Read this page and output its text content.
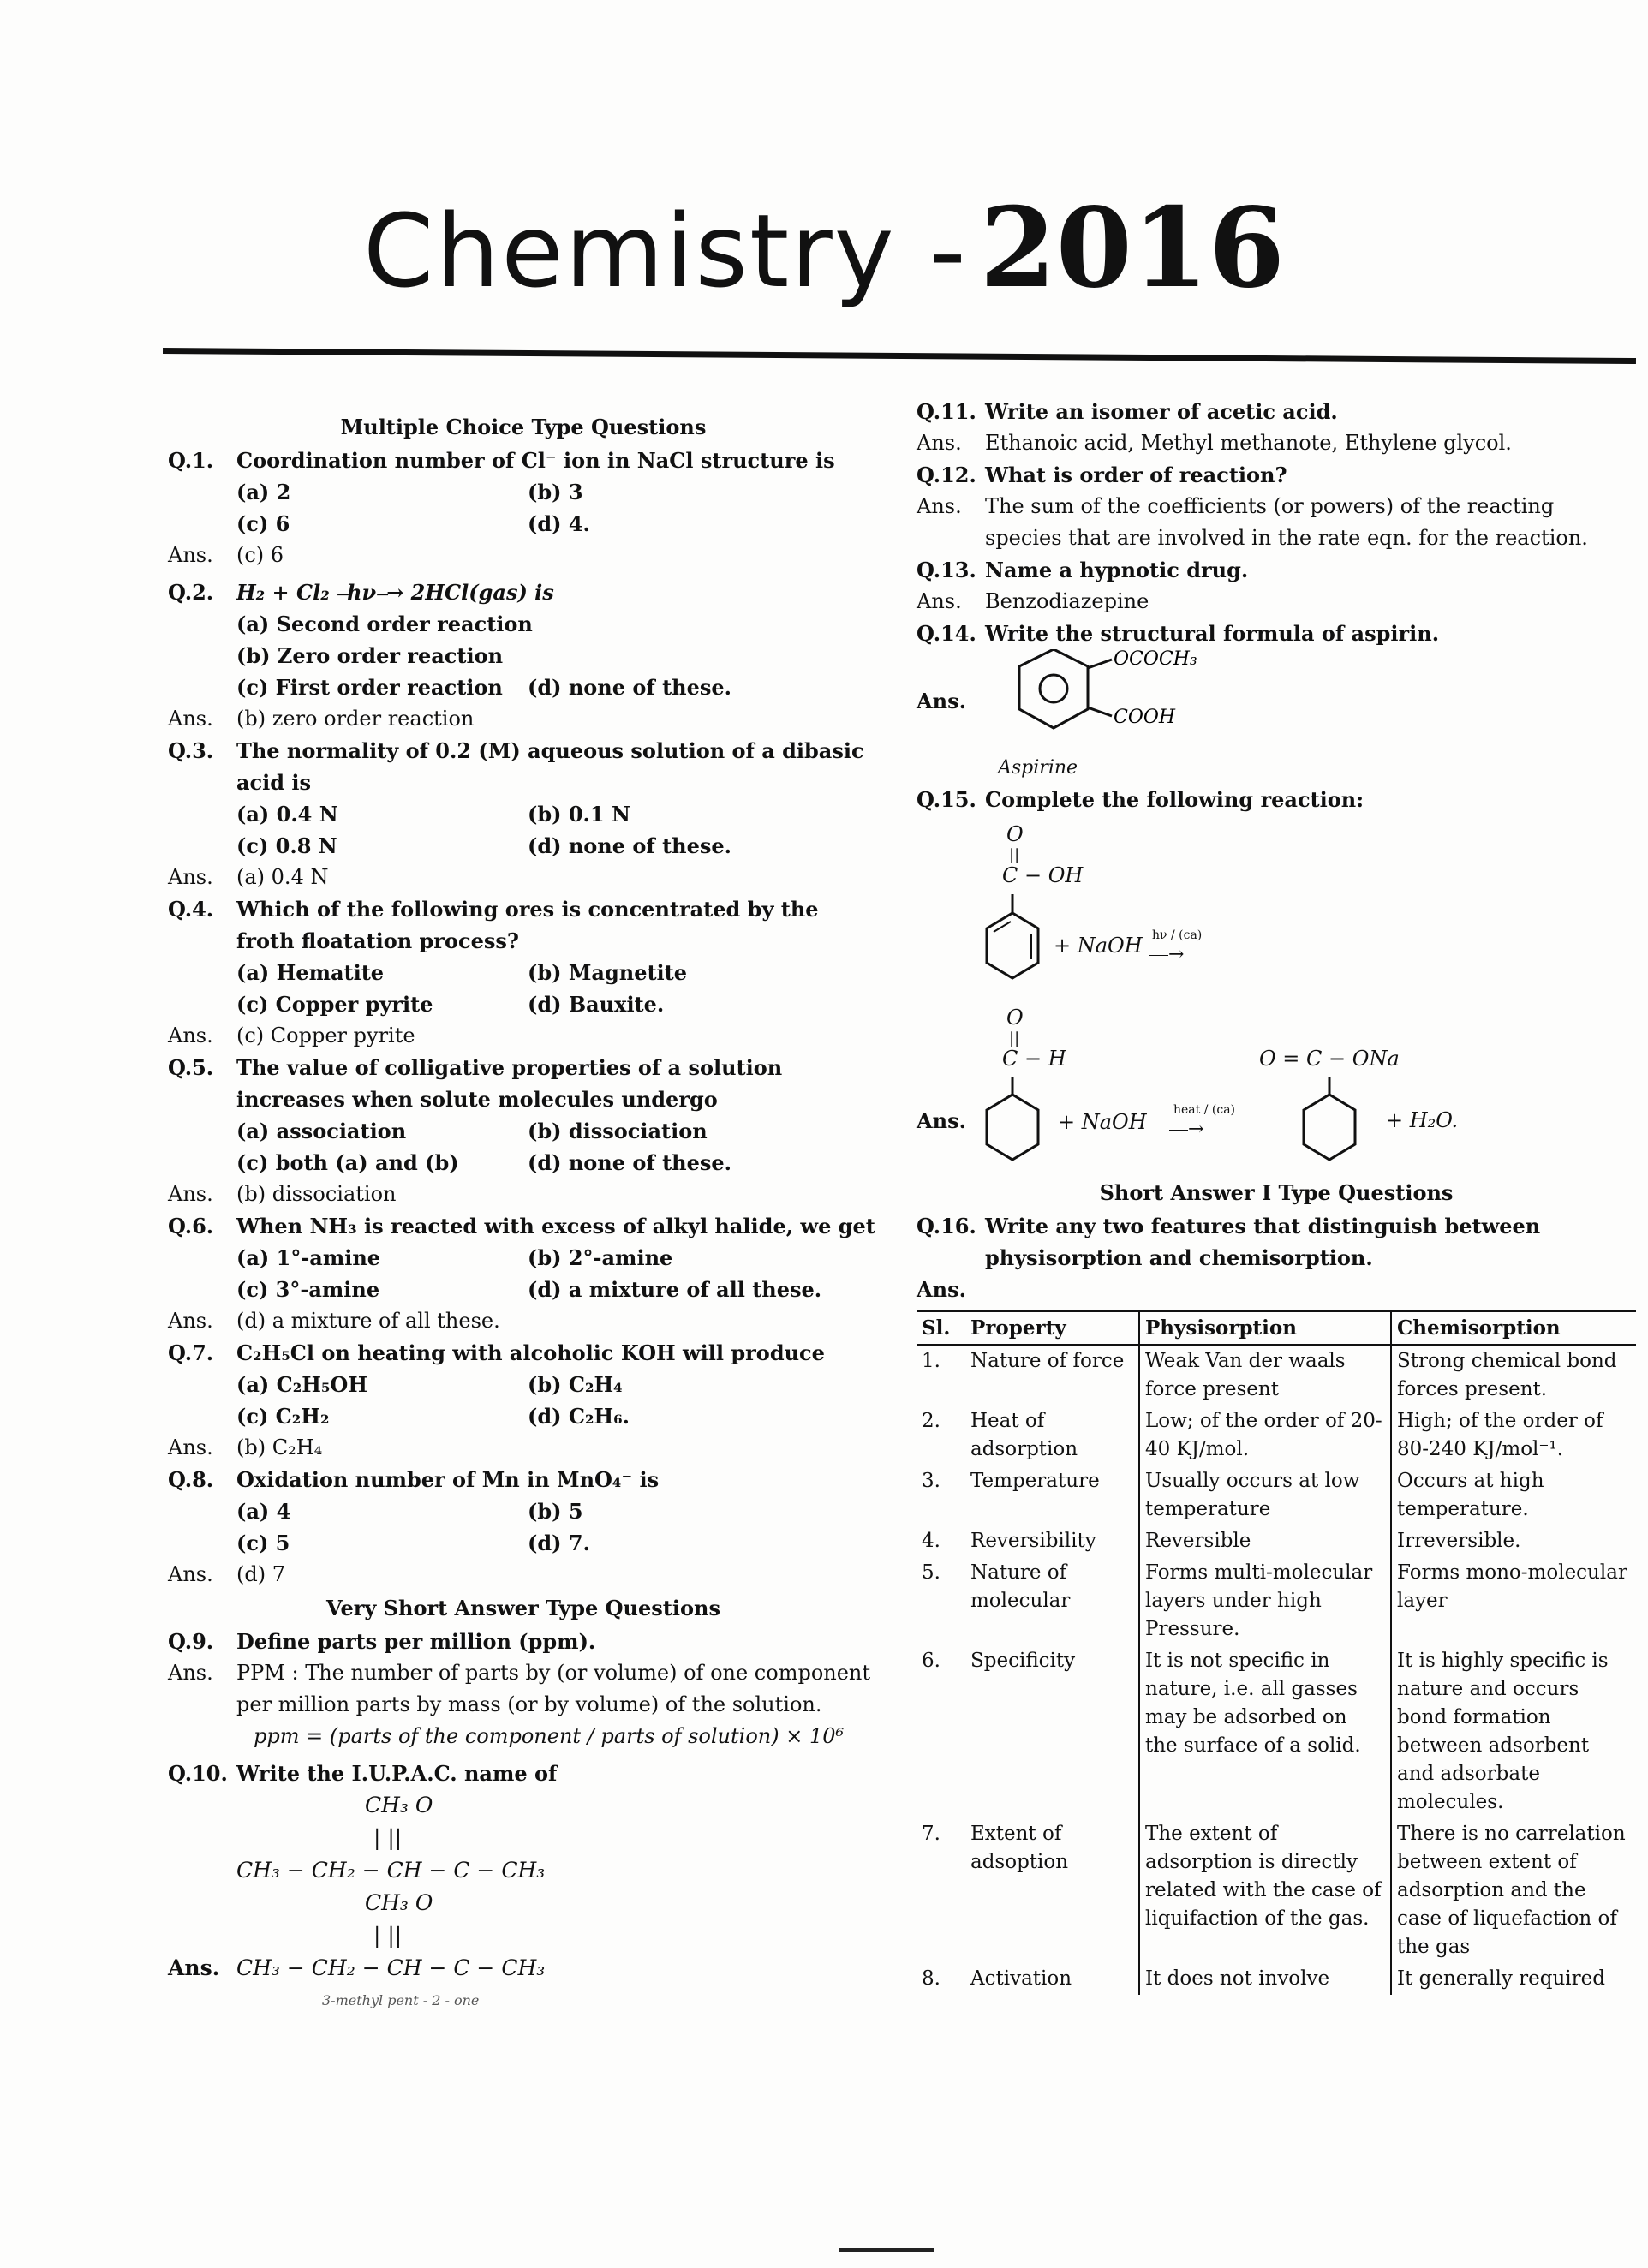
Chemistry - 2016
Multiple Choice Type Questions
Q.1.	Coordination number of Cl⁻ ion in NaCl structure is
(a) 2	(b) 3
(c) 6	(d) 4.
Ans.	(c) 6
Q.2.	H₂ + Cl₂ ⎯hν⎯→ 2HCl(gas) is
(a) Second order reaction
(b) Zero order reaction
(c) First order reaction	(d) none of these.
Ans.	(b) zero order reaction
Q.3.	The normality of 0.2 (M) aqueous solution of a dibasic acid is
(a) 0.4 N	(b) 0.1 N
(c) 0.8 N	(d) none of these.
Ans.	(a) 0.4 N
Q.4.	Which of the following ores is concentrated by the froth floatation process?
(a) Hematite	(b) Magnetite
(c) Copper pyrite	(d) Bauxite.
Ans.	(c) Copper pyrite
Q.5.	The value of colligative properties of a solution increases when solute molecules undergo
(a) association	(b) dissociation
(c) both (a) and (b)	(d) none of these.
Ans.	(b) dissociation
Q.6.	When NH₃ is reacted with excess of alkyl halide, we get
(a) 1°-amine	(b) 2°-amine
(c) 3°-amine	(d) a mixture of all these.
Ans.	(d) a mixture of all these.
Q.7.	C₂H₅Cl on heating with alcoholic KOH will produce
(a) C₂H₅OH	(b) C₂H₄
(c) C₂H₂	(d) C₂H₆.
Ans.	(b) C₂H₄
Q.8.	Oxidation number of Mn in MnO₄⁻ is
(a) 4	(b) 5
(c) 5	(d) 7.
Ans.	(d) 7
Very Short Answer Type Questions
Q.9.	Define parts per million (ppm).
Ans.	PPM : The number of parts by (or volume) of one component per million parts by mass (or by volume) of the solution.
ppm = (parts of the component / parts of solution) × 10⁶
Q.10. Write the I.U.P.A.C. name of
CH₃ O
| ||
CH₃ − CH₂ − CH − C − CH₃
CH₃ O
| ||
Ans. CH₃ − CH₂ − CH − C − CH₃
3-methyl pent - 2 - one
Q.11. Write an isomer of acetic acid.
Ans.	Ethanoic acid, Methyl methanote, Ethylene glycol.
Q.12. What is order of reaction?
Ans.	The sum of the coefficients (or powers) of the reacting species that are involved in the rate eqn. for the reaction.
Q.13. Name a hypnotic drug.
Ans.	Benzodiazepine
Q.14. Write the structural formula of aspirin.
Ans.
OCOCH₃
COOH
Aspirine
Q.15. Complete the following reaction:
O
||
C − OH
+ NaOH hν / (ca)
⎯⎯→
O
||
C − H
Ans.	+ NaOH heat / (ca)
⎯⎯→
O = C − ONa
+ H₂O.
Short Answer I Type Questions
Q.16. Write any two features that distinguish between physisorption and chemisorption.
Ans.
Sl.	Property	Physisorption	Chemisorption
1.	Nature of force	Weak Van der waals force present	Strong chemical bond forces present.
2.	Heat of adsorption	Low; of the order of 20-40 KJ/mol.	High; of the order of 80-240 KJ/mol⁻¹.
3.	Temperature	Usually occurs at low temperature	Occurs at high temperature.
4.	Reversibility	Reversible	Irreversible.
5.	Nature of molecular	Forms multi-molecular layers under high Pressure.	Forms mono-molecular layer
6.	Specificity	It is not specific in nature, i.e. all gasses may be adsorbed on the surface of a solid.	It is highly specific is nature and occurs bond formation between adsorbent and adsorbate molecules.
7.	Extent of adsoption	The extent of adsorption is directly related with the case of liquifaction of the gas.	There is no carrelation between extent of adsorption and the case of liquefaction of the gas
8.	Activation	It does not involve	It generally required
